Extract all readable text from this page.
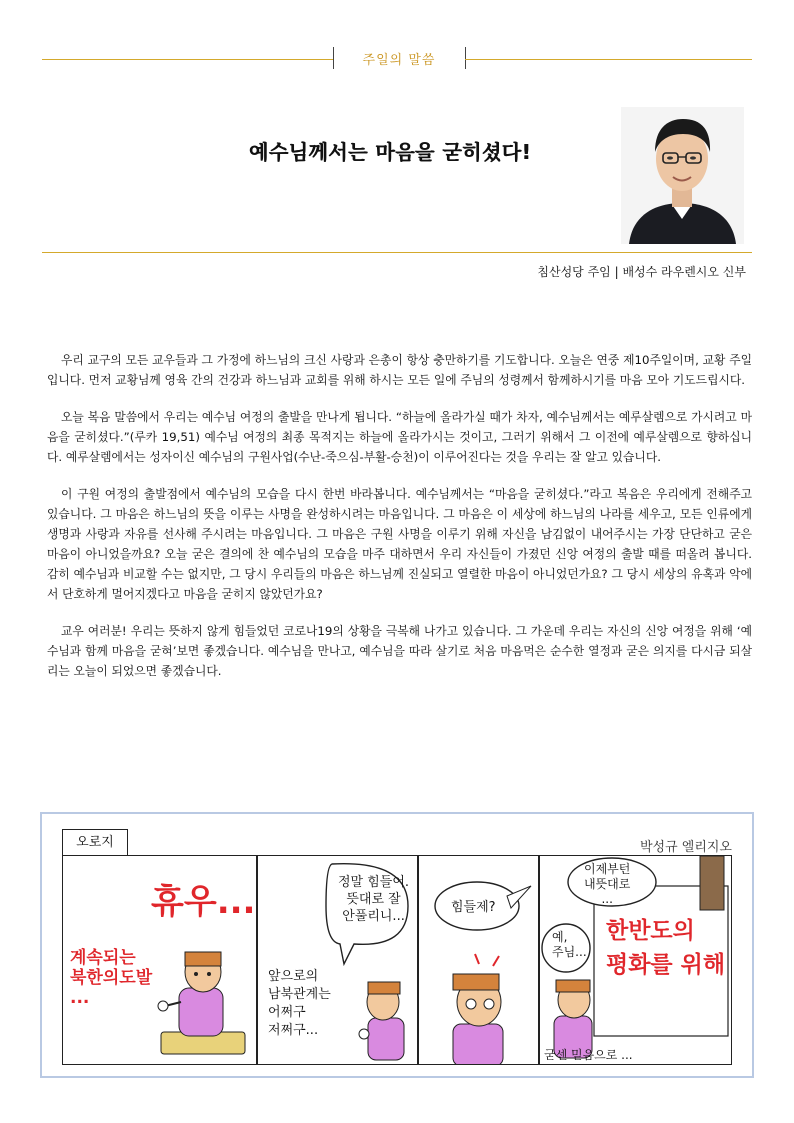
주일의 말씀
예수님께서는 마음을 굳히셨다!
침산성당 주임 | 배성수 라우렌시오 신부

우리 교구의 모든 교우들과 그 가정에 하느님의 크신 사랑과 은총이 항상 충만하기를 기도합니다. 오늘은 연중 제10주일이며, 교황 주일입니다. 먼저 교황님께 영육 간의 건강과 하느님과 교회를 위해 하시는 모든 일에 주님의 성령께서 함께하시기를 마음 모아 기도드립시다.

오늘 복음 말씀에서 우리는 예수님 여정의 출발을 만나게 됩니다. “하늘에 올라가실 때가 차자, 예수님께서는 예루살렘으로 가시려고 마음을 굳히셨다.”(루카 19,51) 예수님 여정의 최종 목적지는 하늘에 올라가시는 것이고, 그러기 위해서 그 이전에 예루살렘으로 향하십니다. 예루살렘에서는 성자이신 예수님의 구원사업(수난-죽으심-부활-승천)이 이루어진다는 것을 우리는 잘 알고 있습니다.

이 구원 여정의 출발점에서 예수님의 모습을 다시 한번 바라봅니다. 예수님께서는 “마음을 굳히셨다.”라고 복음은 우리에게 전해주고 있습니다. 그 마음은 하느님의 뜻을 이루는 사명을 완성하시려는 마음입니다. 그 마음은 이 세상에 하느님의 나라를 세우고, 모든 인류에게 생명과 사랑과 자유를 선사해 주시려는 마음입니다. 그 마음은 구원 사명을 이루기 위해 자신을 남김없이 내어주시는 가장 단단하고 굳은 마음이 아니었을까요? 오늘 굳은 결의에 찬 예수님의 모습을 마주 대하면서 우리 자신들이 가졌던 신앙 여정의 출발 때를 떠올려 봅니다. 감히 예수님과 비교할 수는 없지만, 그 당시 우리들의 마음은 하느님께 진실되고 열렬한 마음이 아니었던가요? 그 당시 세상의 유혹과 악에서 단호하게 멀어지겠다고 마음을 굳히지 않았던가요?

교우 여러분! 우리는 뜻하지 않게 힘들었던 코로나19의 상황을 극복해 나가고 있습니다. 그 가운데 우리는 자신의 신앙 여정을 위해 ‘예수님과 함께 마음을 굳혀’보면 좋겠습니다. 예수님을 만나고, 예수님을 따라 살기로 처음 마음먹은 순수한 열정과 굳은 의지를 다시금 되살리는 오늘이 되었으면 좋겠습니다.

오로지	박성규 엘리지오
휴우...
계속되는
북한의도발
...
정말 힘들어.
뜻대로 잘
안풀리니...
앞으로의
남북관계는
어쩌구
저쩌구...
힘들제?
이제부턴
내뜻대로
...
예,
주님...
한반도의
평화를 위해
굳센 믿음으로 ...
